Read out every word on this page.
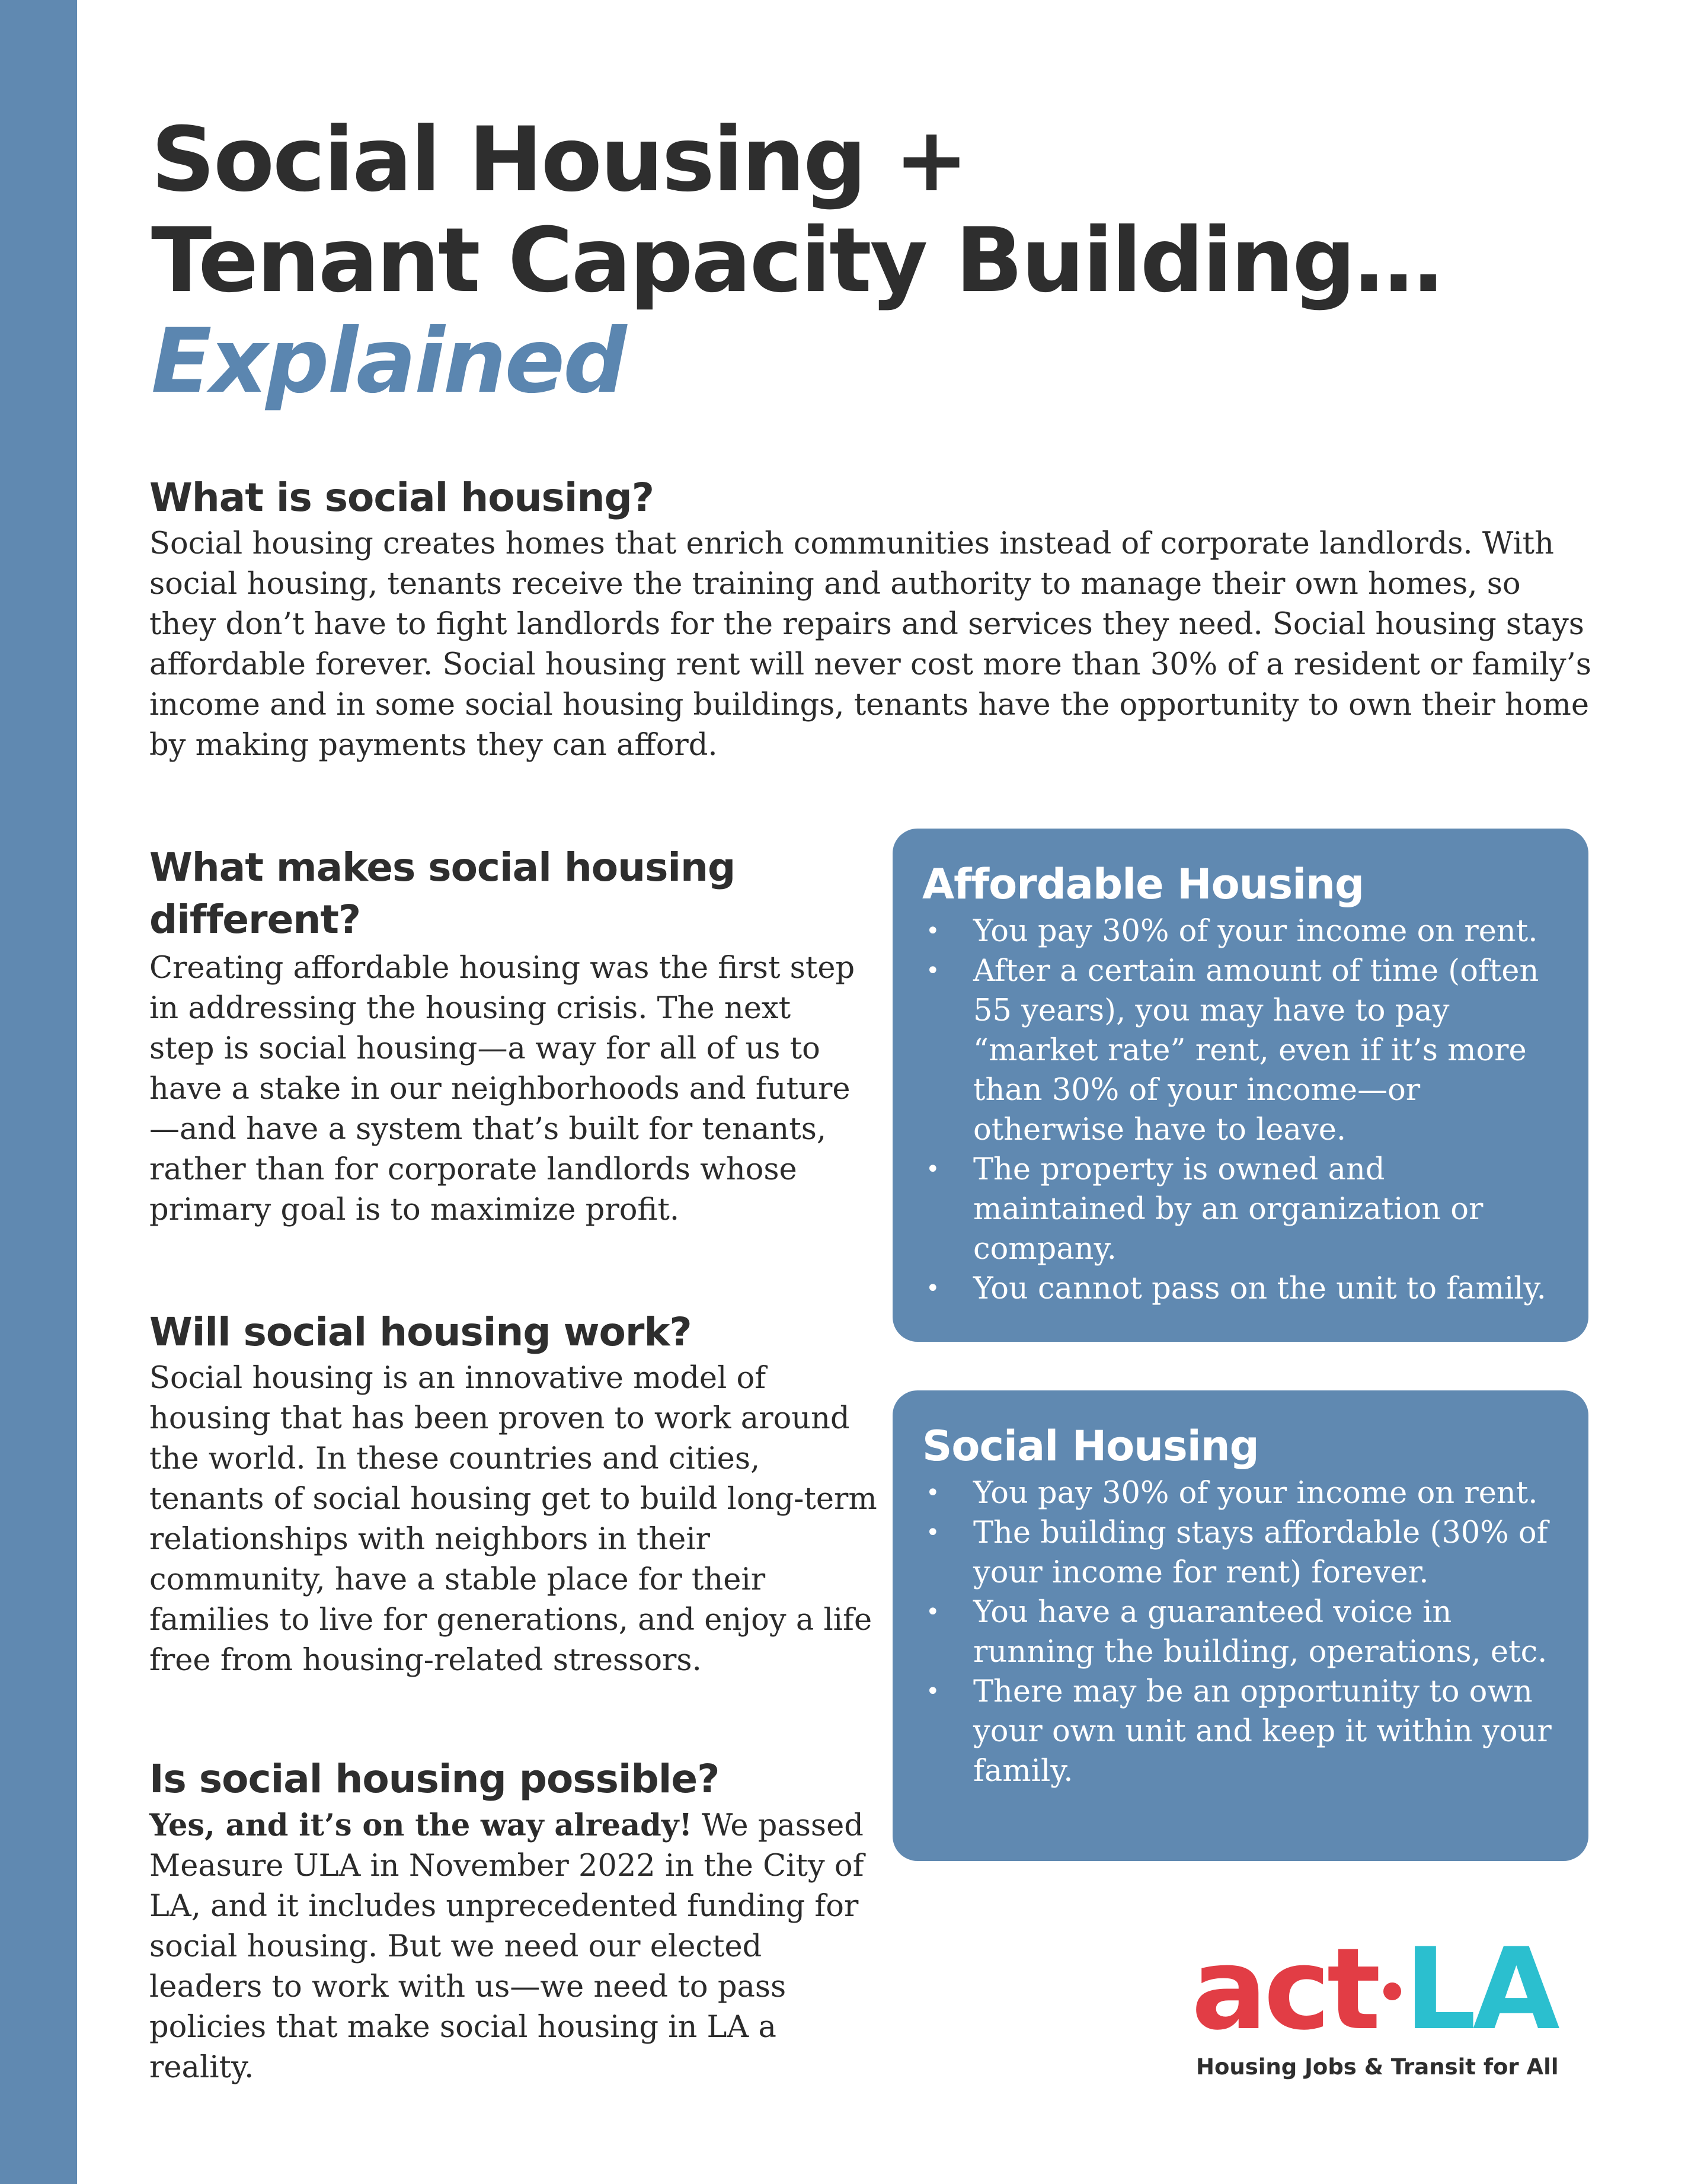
Social Housing +
Tenant Capacity Building…
Explained
What is social housing?

Social housing creates homes that enrich communities instead of corporate landlords. With social housing, tenants receive the training and authority to manage their own homes, so they don’t have to fight landlords for the repairs and services they need. Social housing stays affordable forever. Social housing rent will never cost more than 30% of a resident or family’s income and in some social housing buildings, tenants have the opportunity to own their home by making payments they can afford.

What makes social housing different?

Creating affordable housing was the first step in addressing the housing crisis. The next step is social housing—a way for all of us to have a stake in our neighborhoods and future—and have a system that’s built for tenants, rather than for corporate landlords whose primary goal is to maximize profit.

Will social housing work?

Social housing is an innovative model of housing that has been proven to work around the world. In these countries and cities, tenants of social housing get to build long-term relationships with neighbors in their community, have a stable place for their families to live for generations, and enjoy a life free from housing-related stressors.

Is social housing possible?

Yes, and it’s on the way already! We passed Measure ULA in November 2022 in the City of LA, and it includes unprecedented funding for social housing. But we need our elected leaders to work with us—we need to pass policies that make social housing in LA a reality.

Affordable Housing
• You pay 30% of your income on rent.
• After a certain amount of time (often 55 years), you may have to pay “market rate” rent, even if it’s more than 30% of your income—or otherwise have to leave.
• The property is owned and maintained by an organization or company.
• You cannot pass on the unit to family.
Social Housing
• You pay 30% of your income on rent.
• The building stays affordable (30% of your income for rent) forever.
• You have a guaranteed voice in running the building, operations, etc.
• There may be an opportunity to own your own unit and keep it within your family.
act LA
Housing Jobs & Transit for All
